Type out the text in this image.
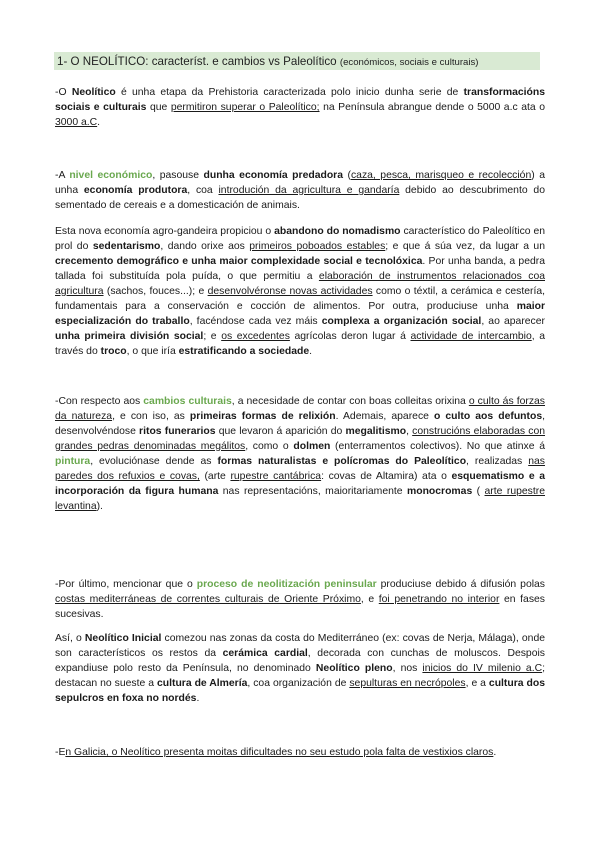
1- O NEOLÍTICO: característ. e cambios vs Paleolítico (económicos, sociais e culturais)

-O Neolítico é unha etapa da Prehistoria caracterizada polo inicio dunha serie de transformacións sociais e culturais que permitiron superar o Paleolítico; na Península abrangue dende o 5000 a.c ata o 3000 a.C.

-A nivel económico, pasouse dunha economía predadora (caza, pesca, marisqueo e recolección) a unha economía produtora, coa introdución da agricultura e gandaría debido ao descubrimento do sementado de cereais e a domesticación de animais.

Esta nova economía agro-gandeira propiciou o abandono do nomadismo característico do Paleolítico en prol do sedentarismo, dando orixe aos primeiros poboados estables; e que á súa vez, da lugar a un crecemento demográfico e unha maior complexidade social e tecnolóxica. Por unha banda, a pedra tallada foi substituída pola puída, o que permitiu a elaboración de instrumentos relacionados coa agricultura (sachos, fouces...); e desenvolvéronse novas actividades como o téxtil, a cerámica e cestería, fundamentais para a conservación e cocción de alimentos. Por outra, produciuse unha maior especialización do traballo, facéndose cada vez máis complexa a organización social, ao aparecer unha primeira división social; e os excedentes agrícolas deron lugar á actividade de intercambio, a través do troco, o que iría estratificando a sociedade.

-Con respecto aos cambios culturais, a necesidade de contar con boas colleitas orixina o culto ás forzas da natureza, e con iso, as primeiras formas de relixión. Ademais, aparece o culto aos defuntos, desenvolvéndose ritos funerarios que levaron á aparición do megalitismo, construcións elaboradas con grandes pedras denominadas megálitos, como o dolmen (enterramentos colectivos). No que atinxe á pintura, evoluciónase dende as formas naturalistas e polícromas do Paleolítico, realizadas nas paredes dos refuxios e covas, (arte rupestre cantábrica: covas de Altamira) ata o esquematismo e a incorporación da figura humana nas representacións, maioritariamente monocromas ( arte rupestre levantina).

-Por último, mencionar que o proceso de neolitización peninsular produciuse debido á difusión polas costas mediterráneas de correntes culturais de Oriente Próximo, e foi penetrando no interior en fases sucesivas.

Así, o Neolítico Inicial comezou nas zonas da costa do Mediterráneo (ex: covas de Nerja, Málaga), onde son característicos os restos da cerámica cardial, decorada con cunchas de moluscos. Despois expandiuse polo resto da Península, no denominado Neolítico pleno, nos inicios do IV milenio a.C; destacan no sueste a cultura de Almería, coa organización de sepulturas en necrópoles, e a cultura dos sepulcros en foxa no nordés.

-En Galicia, o Neolítico presenta moitas dificultades no seu estudo pola falta de vestixios claros.
